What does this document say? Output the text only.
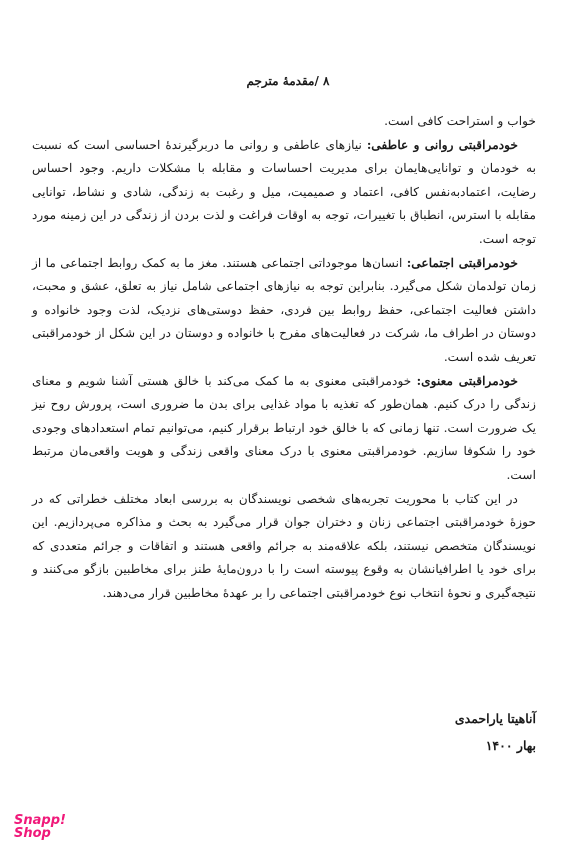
۸ /مقدمهٔ مترجم

خواب و استراحت کافی است.

خودمراقبتی روانی و عاطفی: نیازهای عاطفی و روانی ما دربرگیرندهٔ احساسی است که نسبت به خودمان و توانایی‌هایمان برای مدیریت احساسات و مقابله با مشکلات داریم. وجود احساس رضایت، اعتمادبه‌نفس کافی، اعتماد و صمیمیت، میل و رغبت به زندگی، شادی و نشاط، توانایی مقابله با استرس، انطباق با تغییرات، توجه به اوقات فراغت و لذت بردن از زندگی در این زمینه مورد توجه است.

خودمراقبتی اجتماعی: انسان‌ها موجوداتی اجتماعی هستند. مغز ما به کمک روابط اجتماعی ما از زمان تولدمان شکل می‌گیرد. بنابراین توجه به نیازهای اجتماعی شامل نیاز به تعلق، عشق و محبت، داشتن فعالیت اجتماعی، حفظ روابط بین فردی، حفظ دوستی‌های نزدیک، لذت وجود خانواده و دوستان در اطراف ما، شرکت در فعالیت‌های مفرح با خانواده و دوستان در این شکل از خودمراقبتی تعریف شده است.

خودمراقبتی معنوی: خودمراقبتی معنوی به ما کمک می‌کند با خالق هستی آشنا شویم و معنای زندگی را درک کنیم. همان‌طور که تغذیه با مواد غذایی برای بدن ما ضروری است، پرورش روح نیز یک ضرورت است. تنها زمانی که با خالق خود ارتباط برقرار کنیم، می‌توانیم تمام استعدادهای وجودی خود را شکوفا سازیم. خودمراقبتی معنوی با درک معنای واقعی زندگی و هویت واقعی‌مان مرتبط است.

در این کتاب با محوریت تجربه‌های شخصی نویسندگان به بررسی ابعاد مختلف خطراتی که در حوزهٔ خودمراقبتی اجتماعی زنان و دختران جوان قرار می‌گیرد به بحث و مذاکره می‌پردازیم. این نویسندگان متخصص نیستند، بلکه علاقه‌مند به جرائم واقعی هستند و اتفاقات و جرائم متعددی که برای خود یا اطرافیانشان به وقوع پیوسته است را با درون‌مایهٔ طنز برای مخاطبین بازگو می‌کنند و نتیجه‌گیری و نحوهٔ انتخاب نوع خودمراقبتی اجتماعی را بر عهدهٔ مخاطبین قرار می‌دهند.

آناهیتا یاراحمدی
بهار ۱۴۰۰
Snapp!
Shop
